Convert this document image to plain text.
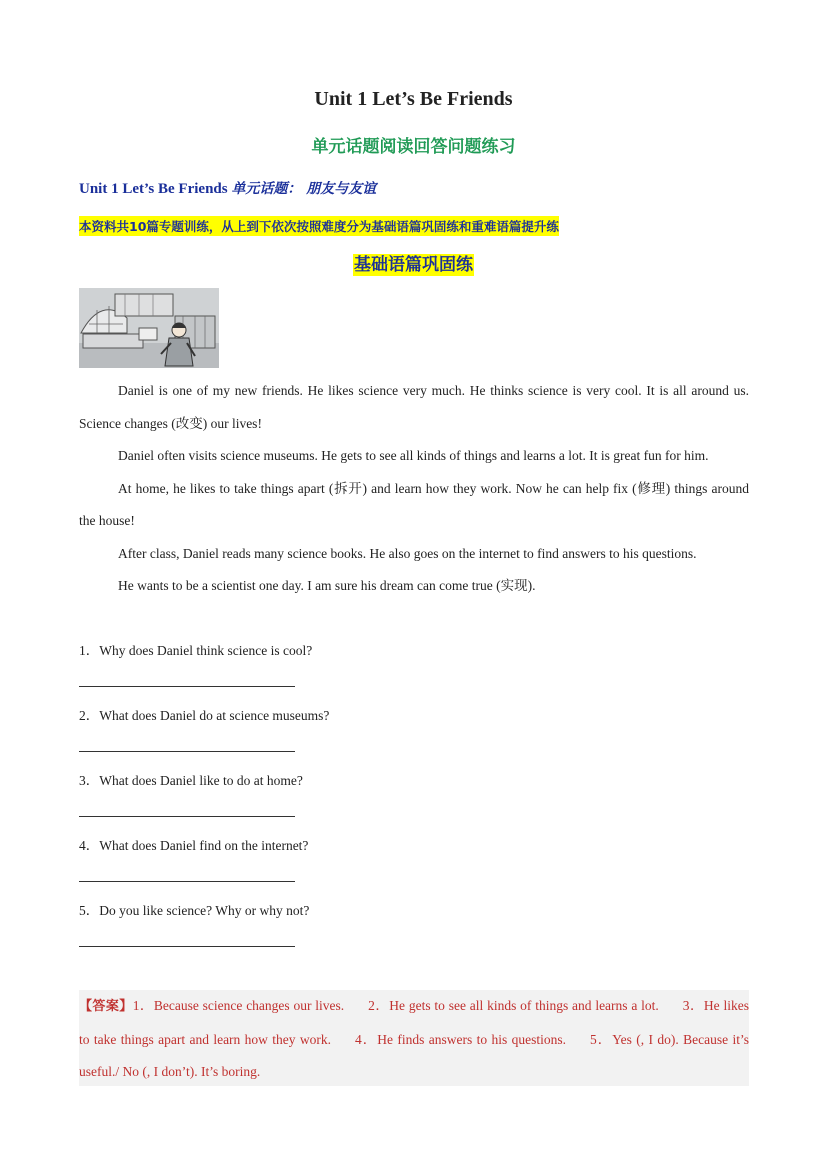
Unit 1 Let’s Be Friends
单元话题阅读回答问题练习
Unit 1 Let’s Be Friends 单元话题： 朋友与友谊
本资料共10篇专题训练，从上到下依次按照难度分为基础语篇巩固练和重难语篇提升练
基础语篇巩固练

Daniel is one of my new friends. He likes science very much. He thinks science is very cool. It is all around us. Science changes (改变) our lives!

Daniel often visits science museums. He gets to see all kinds of things and learns a lot. It is great fun for him.

At home, he likes to take things apart (拆开) and learn how they work. Now he can help fix (修理) things around the house!

After class, Daniel reads many science books. He also goes on the internet to find answers to his questions.

He wants to be a scientist one day. I am sure his dream can come true (实现).

1．Why does Daniel think science is cool?
2．What does Daniel do at science museums?
3．What does Daniel like to do at home?
4．What does Daniel find on the internet?
5．Do you like science? Why or why not?

【答案】1．Because science changes our lives. 2．He gets to see all kinds of things and learns a lot. 3．He likes to take things apart and learn how they work. 4．He finds answers to his questions. 5．Yes (, I do). Because it’s useful./ No (, I don’t). It’s boring.
